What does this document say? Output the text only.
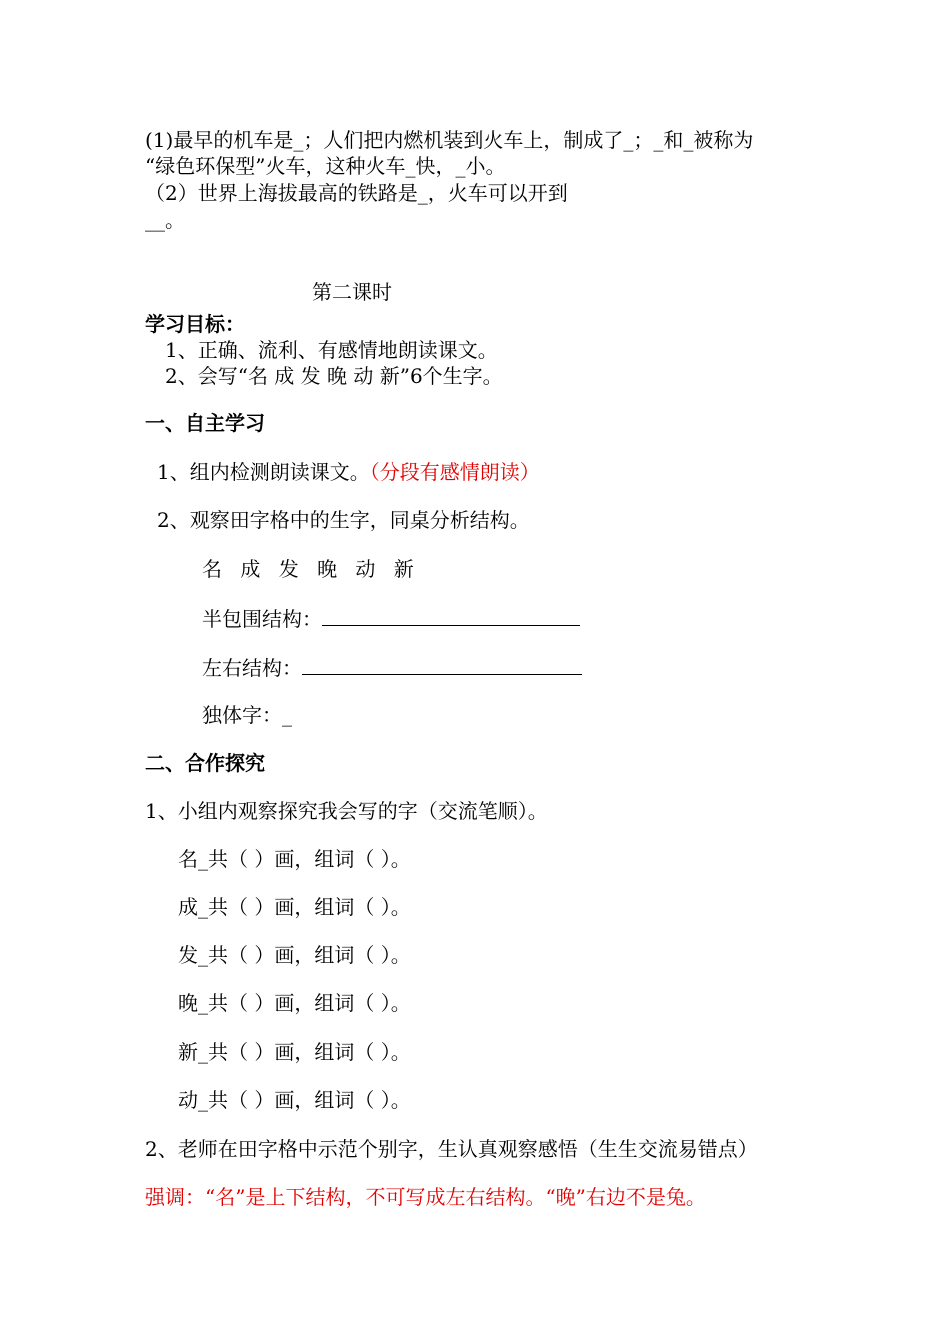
(1)最早的机车是_；人们把内燃机装到火车上，制成了_；_和_被称为
“绿色环保型”火车，这种火车_快，_小。
（2）世界上海拔最高的铁路是_，火车可以开到
__。
第二课时
学习目标：
1、正确、流利、有感情地朗读课文。
2、会写“名 成 发 晚 动 新”6个生字。
一、自主学习
1、组内检测朗读课文。（分段有感情朗读）
2、观察田字格中的生字，同桌分析结构。
名 成 发 晚 动 新
半包围结构：
左右结构：
独体字：_
二、合作探究
1、小组内观察探究我会写的字（交流笔顺）。
名_共（ ）画，组词（ ）。
成_共（ ）画，组词（ ）。
发_共（ ）画，组词（ ）。
晚_共（ ）画，组词（ ）。
新_共（ ）画，组词（ ）。
动_共（ ）画，组词（ ）。
2、老师在田字格中示范个别字，生认真观察感悟（生生交流易错点）
强调：“名”是上下结构，不可写成左右结构。“晚”右边不是兔。
